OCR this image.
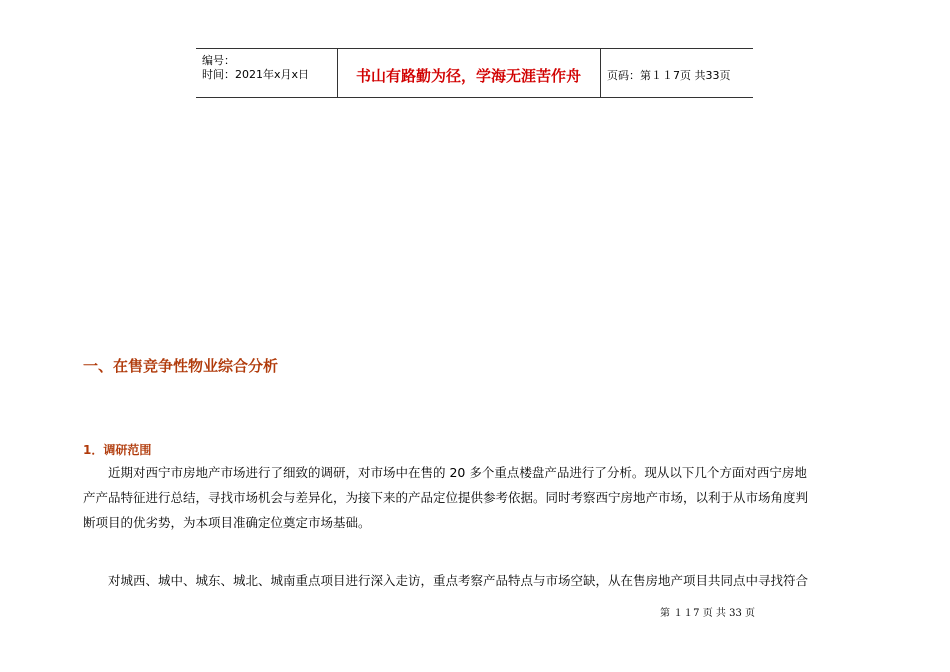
编号：
时间：2021年x月x日	书山有路勤为径，学海无涯苦作舟	页码：第１１7页 共33页
一、在售竞争性物业综合分析
1．调研范围
近期对西宁市房地产市场进行了细致的调研，对市场中在售的 20 多个重点楼盘产品进行了分析。现从以下几个方面对西宁房地
产产品特征进行总结，寻找市场机会与差异化，为接下来的产品定位提供参考依据。同时考察西宁房地产市场，以利于从市场角度判
断项目的优劣势，为本项目准确定位奠定市场基础。
对城西、城中、城东、城北、城南重点项目进行深入走访，重点考察产品特点与市场空缺，从在售房地产项目共同点中寻找符合
第 １１7 页 共 33 页
